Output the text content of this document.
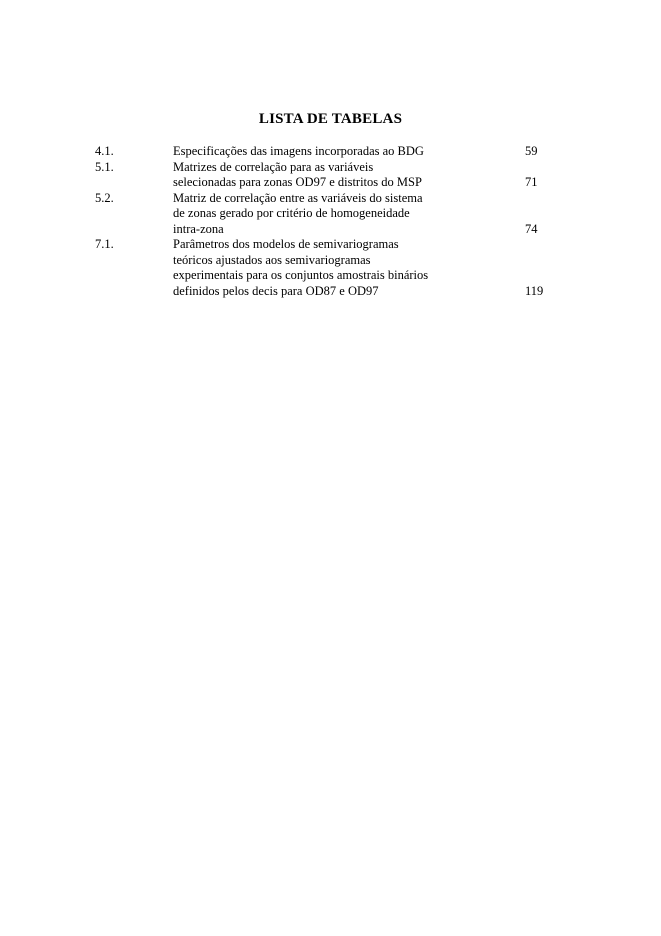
LISTA DE TABELAS
4.1.	Especificações das imagens incorporadas ao BDG	59
5.1.	Matrizes de correlação para as variáveis
selecionadas para zonas OD97 e distritos do MSP	71
5.2.	Matriz de correlação entre as variáveis do sistema
de zonas gerado por critério de homogeneidade
intra-zona	74
7.1.	Parâmetros dos modelos de semivariogramas
teóricos ajustados aos semivariogramas
experimentais para os conjuntos amostrais binários
definidos pelos decis para OD87 e OD97	119
